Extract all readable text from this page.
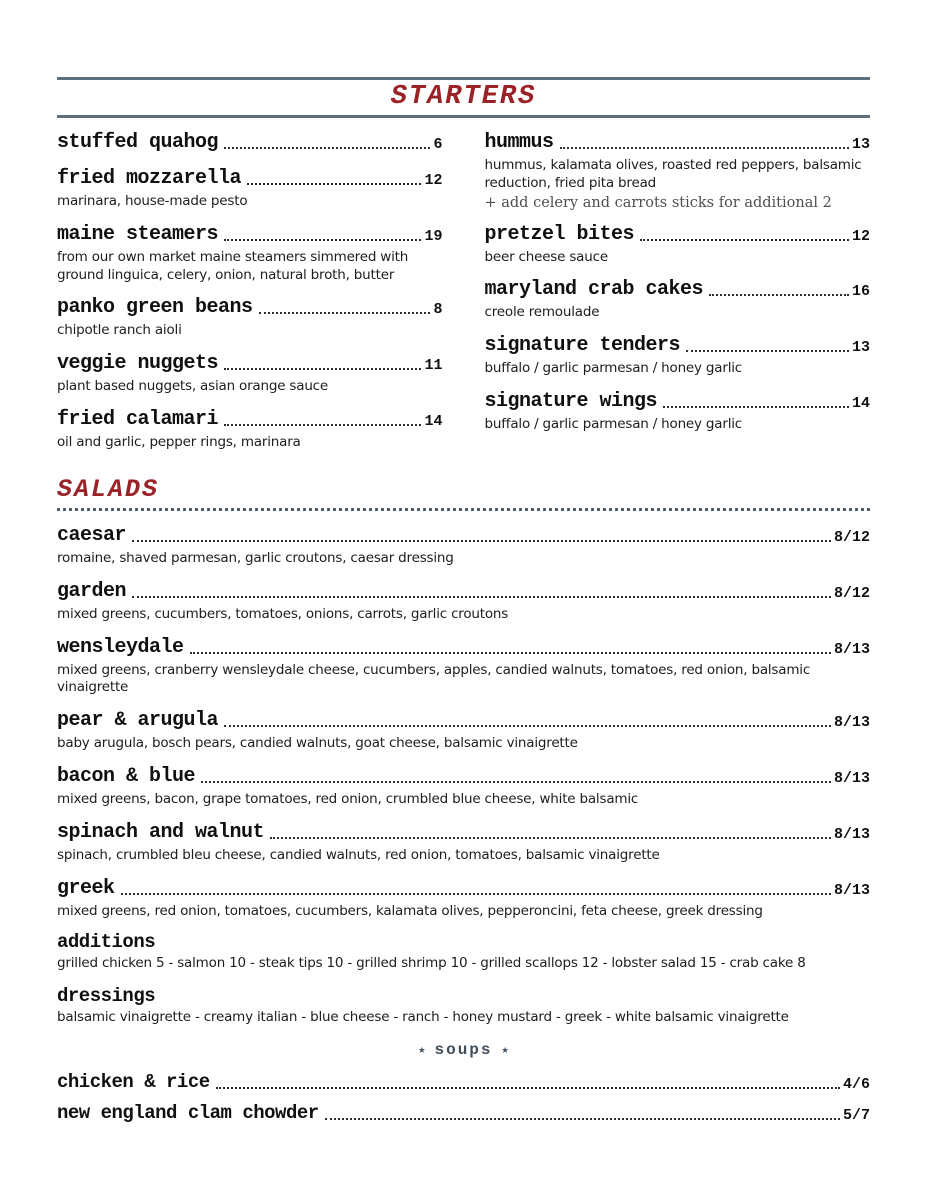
STARTERS
stuffed quahog	6
fried mozzarella	12
marinara, house-made pesto
maine steamers	19
from our own market maine steamers simmered with ground linguica, celery, onion, natural broth, butter
panko green beans	8
chipotle ranch aioli
veggie nuggets	11
plant based nuggets, asian orange sauce
fried calamari	14
oil and garlic, pepper rings, marinara
hummus	13
hummus, kalamata olives, roasted red peppers, balsamic reduction, fried pita bread
+ add celery and carrots sticks for additional 2
pretzel bites	12
beer cheese sauce
maryland crab cakes	16
creole remoulade
signature tenders	13
buffalo / garlic parmesan / honey garlic
signature wings	14
buffalo / garlic parmesan / honey garlic
SALADS
caesar	8/12
romaine, shaved parmesan, garlic croutons, caesar dressing
garden	8/12
mixed greens, cucumbers, tomatoes, onions, carrots, garlic croutons
wensleydale	8/13
mixed greens, cranberry wensleydale cheese, cucumbers, apples, candied walnuts, tomatoes, red onion, balsamic vinaigrette
pear & arugula	8/13
baby arugula, bosch pears, candied walnuts, goat cheese, balsamic vinaigrette
bacon & blue	8/13
mixed greens, bacon, grape tomatoes, red onion, crumbled blue cheese, white balsamic
spinach and walnut	8/13
spinach, crumbled bleu cheese, candied walnuts, red onion, tomatoes, balsamic vinaigrette
greek	8/13
mixed greens, red onion, tomatoes, cucumbers, kalamata olives, pepperoncini, feta cheese, greek dressing
additions
grilled chicken 5 - salmon 10 - steak tips 10 - grilled shrimp 10 - grilled scallops 12 - lobster salad 15 - crab cake 8
dressings
balsamic vinaigrette - creamy italian - blue cheese - ranch - honey mustard - greek - white balsamic vinaigrette
★ soups ★
chicken & rice	4/6
new england clam chowder	5/7
